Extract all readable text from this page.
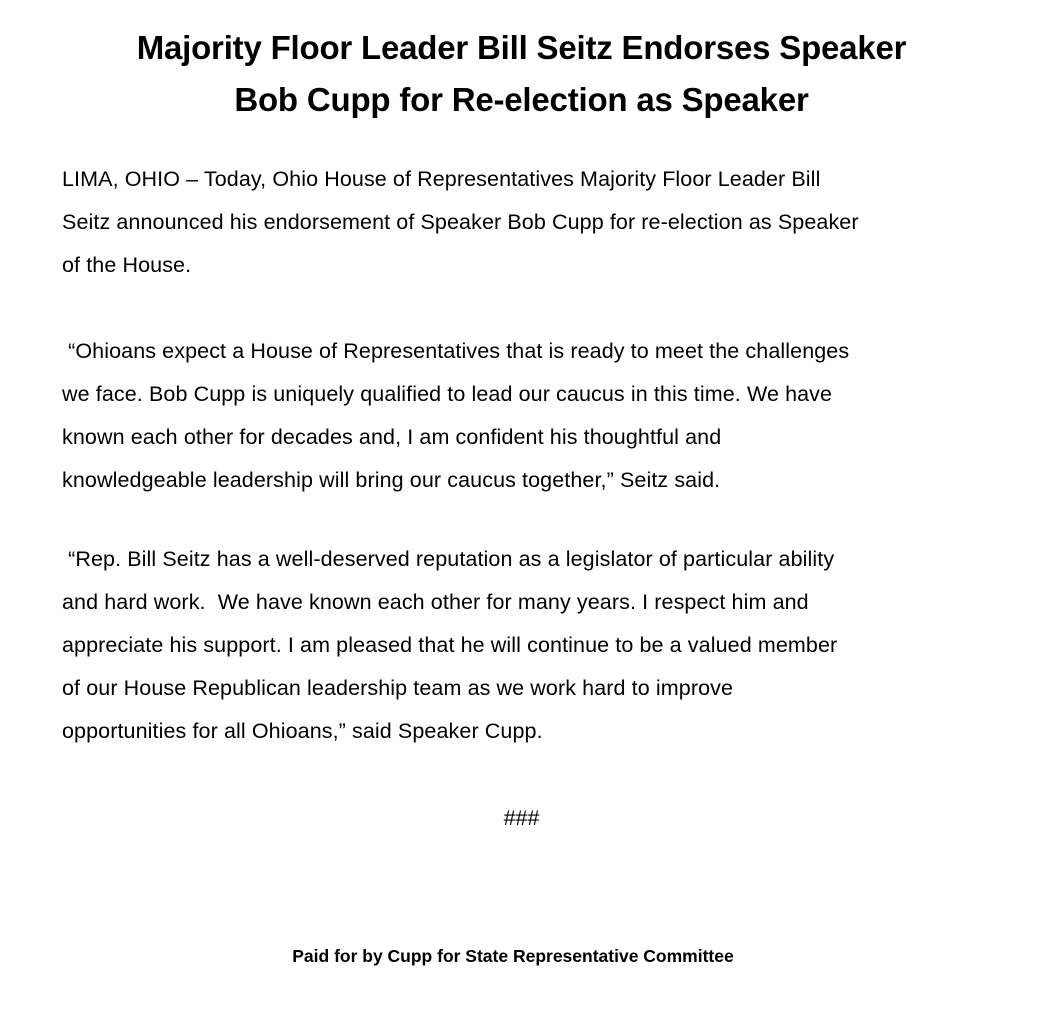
Majority Floor Leader Bill Seitz Endorses Speaker
Bob Cupp for Re-election as Speaker

LIMA, OHIO – Today, Ohio House of Representatives Majority Floor Leader Bill
Seitz announced his endorsement of Speaker Bob Cupp for re-election as Speaker
of the House.

“Ohioans expect a House of Representatives that is ready to meet the challenges
we face. Bob Cupp is uniquely qualified to lead our caucus in this time. We have
known each other for decades and, I am confident his thoughtful and
knowledgeable leadership will bring our caucus together,” Seitz said.

“Rep. Bill Seitz has a well-deserved reputation as a legislator of particular ability
and hard work.  We have known each other for many years. I respect him and
appreciate his support. I am pleased that he will continue to be a valued member
of our House Republican leadership team as we work hard to improve
opportunities for all Ohioans,” said Speaker Cupp.

###

Paid for by Cupp for State Representative Committee
